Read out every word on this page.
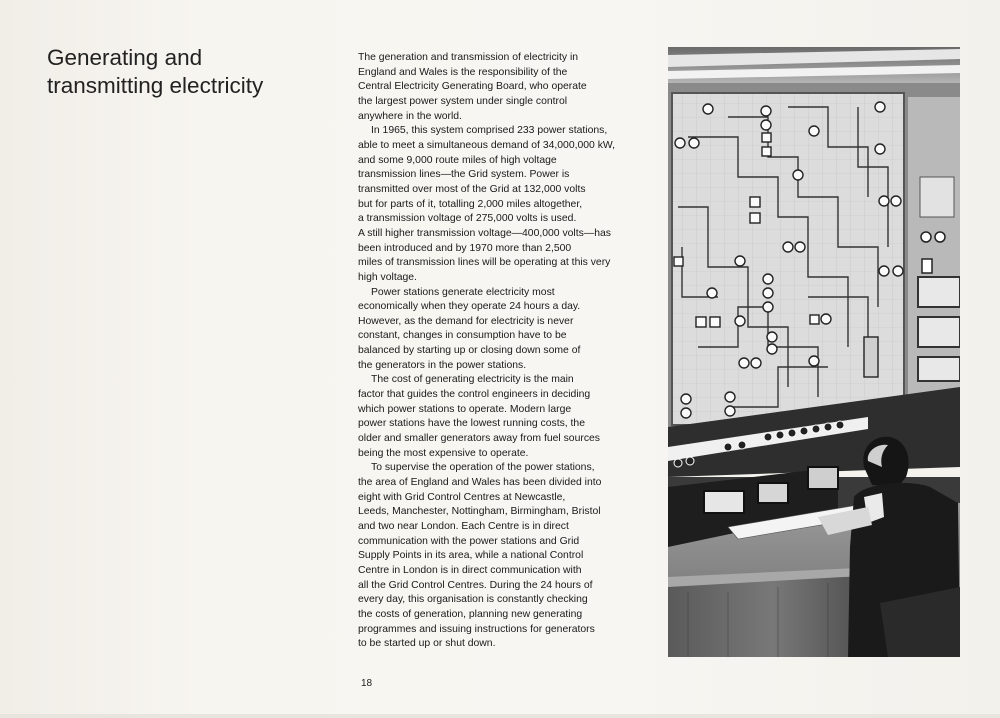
Generating and
transmitting electricity

The generation and transmission of electricity in
England and Wales is the responsibility of the
Central Electricity Generating Board, who operate
the largest power system under single control
anywhere in the world.

In 1965, this system comprised 233 power stations,
able to meet a simultaneous demand of 34,000,000 kW,
and some 9,000 route miles of high voltage
transmission lines—the Grid system. Power is
transmitted over most of the Grid at 132,000 volts
but for parts of it, totalling 2,000 miles altogether,
a transmission voltage of 275,000 volts is used.
A still higher transmission voltage—400,000 volts—has
been introduced and by 1970 more than 2,500
miles of transmission lines will be operating at this very
high voltage.

Power stations generate electricity most
economically when they operate 24 hours a day.
However, as the demand for electricity is never
constant, changes in consumption have to be
balanced by starting up or closing down some of
the generators in the power stations.

The cost of generating electricity is the main
factor that guides the control engineers in deciding
which power stations to operate. Modern large
power stations have the lowest running costs, the
older and smaller generators away from fuel sources
being the most expensive to operate.

To supervise the operation of the power stations,
the area of England and Wales has been divided into
eight with Grid Control Centres at Newcastle,
Leeds, Manchester, Nottingham, Birmingham, Bristol
and two near London. Each Centre is in direct
communication with the power stations and Grid
Supply Points in its area, while a national Control
Centre in London is in direct communication with
all the Grid Control Centres. During the 24 hours of
every day, this organisation is constantly checking
the costs of generation, planning new generating
programmes and issuing instructions for generators
to be started up or shut down.

18
